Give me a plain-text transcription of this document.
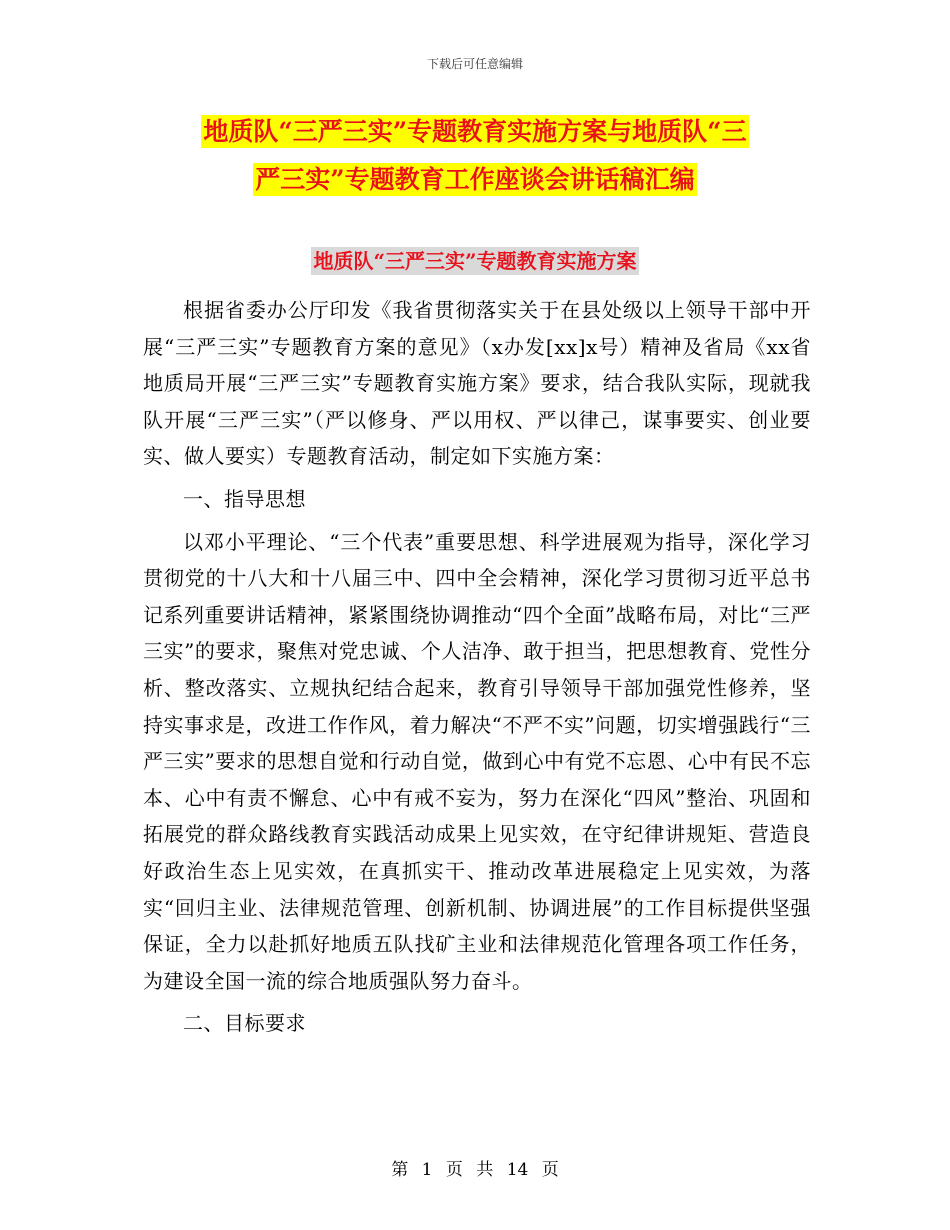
下载后可任意编辑
地质队“三严三实”专题教育实施方案与地质队“三
严三实”专题教育工作座谈会讲话稿汇编
地质队“三严三实”专题教育实施方案

根据省委办公厅印发《我省贯彻落实关于在县处级以上领导干部中开展“三严三实”专题教育方案的意见》（x办发[xx]x号）精神及省局《xx省地质局开展“三严三实”专题教育实施方案》要求，结合我队实际，现就我队开展“三严三实”（严以修身、严以用权、严以律己，谋事要实、创业要实、做人要实）专题教育活动，制定如下实施方案：

一、指导思想

以邓小平理论、“三个代表”重要思想、科学进展观为指导，深化学习贯彻党的十八大和十八届三中、四中全会精神，深化学习贯彻习近平总书记系列重要讲话精神，紧紧围绕协调推动“四个全面”战略布局，对比“三严三实”的要求，聚焦对党忠诚、个人洁净、敢于担当，把思想教育、党性分析、整改落实、立规执纪结合起来，教育引导领导干部加强党性修养，坚持实事求是，改进工作作风，着力解决“不严不实”问题，切实增强践行“三严三实”要求的思想自觉和行动自觉，做到心中有党不忘恩、心中有民不忘本、心中有责不懈怠、心中有戒不妄为，努力在深化“四风”整治、巩固和拓展党的群众路线教育实践活动成果上见实效，在守纪律讲规矩、营造良好政治生态上见实效，在真抓实干、推动改革进展稳定上见实效，为落实“回归主业、法律规范管理、创新机制、协调进展”的工作目标提供坚强保证，全力以赴抓好地质五队找矿主业和法律规范化管理各项工作任务，为建设全国一流的综合地质强队努力奋斗。

二、目标要求

第 1 页 共 14 页
